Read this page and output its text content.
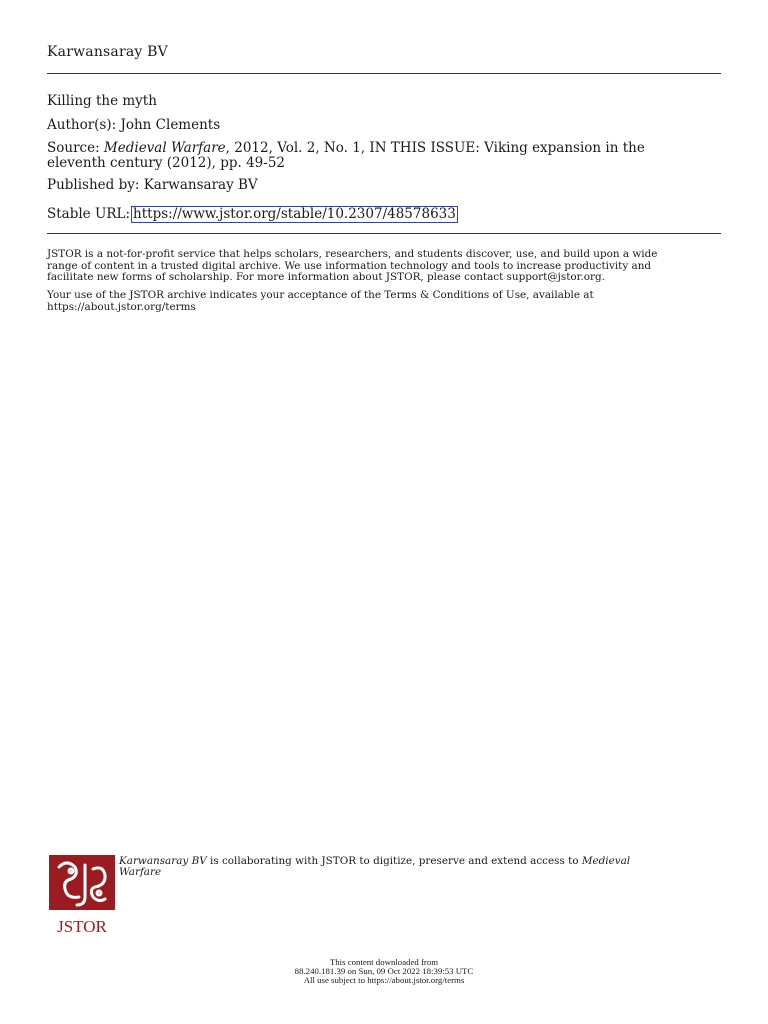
Karwansaray BV
Killing the myth
Author(s): John Clements
Source: Medieval Warfare, 2012, Vol. 2, No. 1, IN THIS ISSUE: Viking expansion in the
eleventh century (2012), pp. 49-52
Published by: Karwansaray BV
Stable URL: https://www.jstor.org/stable/10.2307/48578633
JSTOR is a not-for-profit service that helps scholars, researchers, and students discover, use, and build upon a wide
range of content in a trusted digital archive. We use information technology and tools to increase productivity and
facilitate new forms of scholarship. For more information about JSTOR, please contact support@jstor.org.
Your use of the JSTOR archive indicates your acceptance of the Terms & Conditions of Use, available at
https://about.jstor.org/terms
JSTOR
Karwansaray BV is collaborating with JSTOR to digitize, preserve and extend access to Medieval
Warfare
This content downloaded from
88.240.181.39 on Sun, 09 Oct 2022 18:39:53 UTC
All use subject to https://about.jstor.org/terms
